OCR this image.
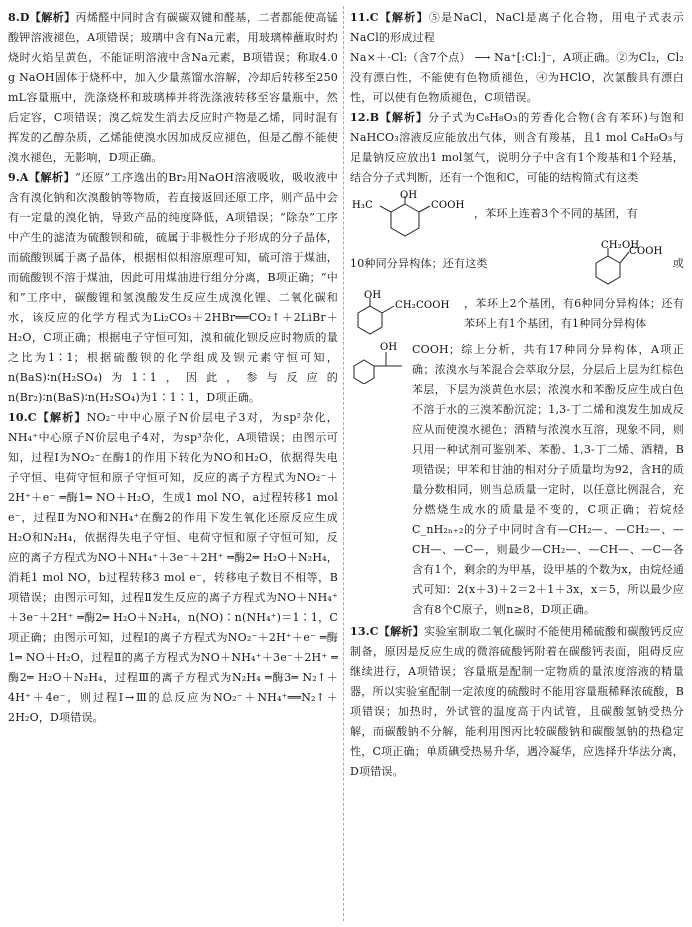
8.D【解析】丙烯醛中同时含有碳碳双键和醛基，二者都能使高锰酸钾溶液褪色，A项错误；玻璃中含有Na元素，用玻璃棒蘸取时灼烧时火焰呈黄色，不能证明溶液中含Na元素，B项错误；称取4.0 g NaOH固体于烧杯中，加入少量蒸馏水溶解，冷却后转移至250 mL容量瓶中，洗涤烧杯和玻璃棒并将洗涤液转移至容量瓶中，然后定容，C项错误；溴乙烷发生消去反应时产物是乙烯，同时混有挥发的乙醇杂质，乙烯能使溴水因加成反应褪色，但是乙醇不能使溴水褪色，无影响，D项正确。

9.A【解析】“还原”工序逸出的Br₂用NaOH溶液吸收，吸收液中含有溴化钠和次溴酸钠等物质，若直接返回还原工序，则产品中会有一定量的溴化钠，导致产品的纯度降低，A项错误；“除杂”工序中产生的滤渣为硫酸钡和硫，硫属于非极性分子形成的分子晶体，而硫酸钡属于离子晶体，根据相似相溶原理可知，硫可溶于煤油，而硫酸钡不溶于煤油，因此可用煤油进行组分分离，B项正确；“中和”工序中，碳酸锂和氢溴酸发生反应生成溴化锂、二氧化碳和水，该反应的化学方程式为Li₂CO₃＋2HBr══CO₂↑＋2LiBr＋H₂O，C项正确；根据电子守恒可知，溴和硫化钡反应时物质的量之比为1∶1；根据硫酸钡的化学组成及钡元素守恒可知，n(BaS)∶n(H₂SO₄)为1∶1，因此，参与反应的n(Br₂)∶n(BaS)∶n(H₂SO₄)为1∶1∶1，D项正确。

10.C【解析】NO₂⁻中中心原子N价层电子3对，为sp²杂化，NH₄⁺中心原子N价层电子4对，为sp³杂化，A项错误；由图示可知，过程Ⅰ为NO₂⁻在酶1的作用下转化为NO和H₂O，依据得失电子守恒、电荷守恒和原子守恒可知，反应的离子方程式为NO₂⁻＋2H⁺＋e⁻ ═酶1═ NO＋H₂O，生成1 mol NO，a过程转移1 mol e⁻，过程Ⅱ为NO和NH₄⁺在酶2的作用下发生氧化还原反应生成H₂O和N₂H₄，依据得失电子守恒、电荷守恒和原子守恒可知，反应的离子方程式为NO＋NH₄⁺＋3e⁻＋2H⁺ ═酶2═ H₂O＋N₂H₄，消耗1 mol NO，b过程转移3 mol e⁻，转移电子数目不相等，B项错误；由图示可知，过程Ⅱ发生反应的离子方程式为NO＋NH₄⁺＋3e⁻＋2H⁺ ═酶2═ H₂O＋N₂H₄，n(NO)∶n(NH₄⁺)＝1∶1，C项正确；由图示可知，过程Ⅰ的离子方程式为NO₂⁻＋2H⁺＋e⁻ ═酶1═ NO＋H₂O，过程Ⅱ的离子方程式为NO＋NH₄⁺＋3e⁻＋2H⁺ ═酶2═ H₂O＋N₂H₄，过程Ⅲ的离子方程式为N₂H₄ ═酶3═ N₂↑＋4H⁺＋4e⁻，则过程Ⅰ→Ⅲ的总反应为NO₂⁻＋NH₄⁺══N₂↑＋2H₂O，D项错误。

11.C【解析】⑤是NaCl，NaCl是离子化合物，用电子式表示NaCl的形成过程

Na×＋·Cl:（含7个点） ⟶ Na⁺[:Cl:]⁻，A项正确。②为Cl₂，Cl₂没有漂白性，不能使有色物质褪色，④为HClO，次氯酸具有漂白性，可以使有色物质褪色，C项错误。

12.B【解析】分子式为C₈H₈O₃的芳香化合物(含有苯环)与饱和NaHCO₃溶液反应能放出气体，则含有羧基，且1 mol C₈H₈O₃与足量钠反应放出1 mol氢气，说明分子中含有1个羧基和1个羟基，结合分子式判断，还有一个饱和C，可能的结构简式有这类

OH
COOH
H₃C
，苯环上连着3个不同的基团，有
10种同分异构体；还有这类
CH₂OH
COOH
或
OH
CH₂COOH	，苯环上2个基团，有6种同分异构体；还有苯环上有1个基团，有1种同分异构体
OH	COOH；综上分析，共有17种同分异构体，A项正确；浓溴水与苯混合会萃取分层，分层后上层为红棕色苯层，下层为淡黄色水层；浓溴水和苯酚反应生成白色不溶于水的三溴苯酚沉淀；1,3-丁二烯和溴发生加成反应从而使溴水褪色；酒精与浓溴水互溶，现象不同，则只用一种试剂可鉴别苯、苯酚、1,3-丁二烯、酒精，B项错误；甲苯和甘油的相对分子质量均为92，含H的质量分数相同，则当总质量一定时，以任意比例混合，充分燃烧生成水的质量是不变的，C项正确；若烷烃C_nH₂ₙ₊₂的分子中同时含有—CH₂—、—CH₂—、—CH—、—C—，则最少—CH₂—、—CH—、—C—各含有1个，剩余的为甲基，设甲基的个数为x，由烷烃通式可知：2(x＋3)＋2＝2＋1＋3x，x＝5，所以最少应含有8个C原子，则n≥8，D项正确。

13.C【解析】实验室制取二氧化碳时不能使用稀硫酸和碳酸钙反应制备，原因是反应生成的微溶硫酸钙附着在碳酸钙表面，阻碍反应继续进行，A项错误；容量瓶是配制一定物质的量浓度溶液的精量器，所以实验室配制一定浓度的硫酸时不能用容量瓶稀释浓硫酸，B项错误；加热时，外试管的温度高于内试管，且碳酸氢钠受热分解，而碳酸钠不分解，能利用图丙比较碳酸钠和碳酸氢钠的热稳定性，C项正确；单质碘受热易升华，遇冷凝华，应选择升华法分离，D项错误。
